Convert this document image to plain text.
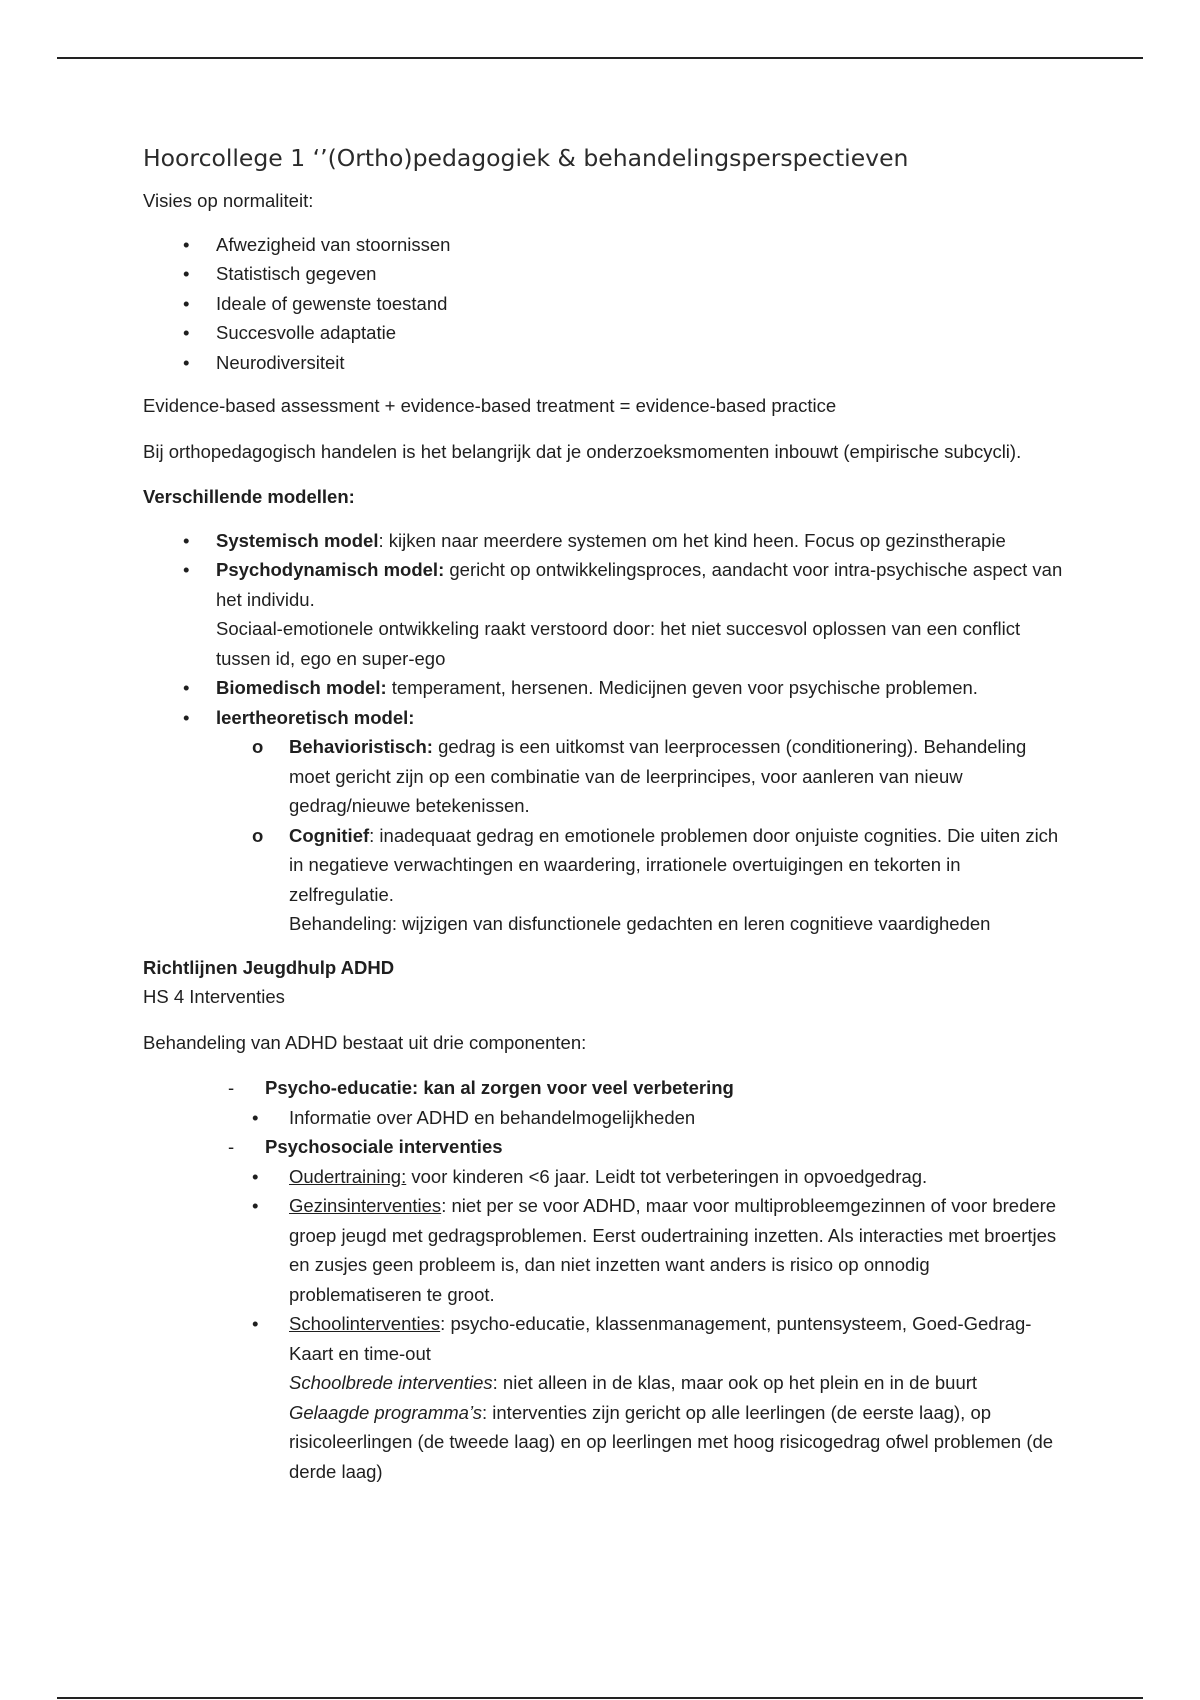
Hoorcollege 1 ‘’(Ortho)pedagogiek & behandelingsperspectieven

Visies op normaliteit:

• Afwezigheid van stoornissen
• Statistisch gegeven
• Ideale of gewenste toestand
• Succesvolle adaptatie
• Neurodiversiteit

Evidence-based assessment + evidence-based treatment = evidence-based practice

Bij orthopedagogisch handelen is het belangrijk dat je onderzoeksmomenten inbouwt (empirische subcycli).

Verschillende modellen:

• Systemisch model: kijken naar meerdere systemen om het kind heen. Focus op gezinstherapie
• Psychodynamisch model: gericht op ontwikkelingsproces, aandacht voor intra-psychische aspect van het individu.
Sociaal-emotionele ontwikkeling raakt verstoord door: het niet succesvol oplossen van een conflict tussen id, ego en super-ego
• Biomedisch model: temperament, hersenen. Medicijnen geven voor psychische problemen.
• leertheoretisch model:
o Behavioristisch: gedrag is een uitkomst van leerprocessen (conditionering). Behandeling moet gericht zijn op een combinatie van de leerprincipes, voor aanleren van nieuw gedrag/nieuwe betekenissen.
o Cognitief: inadequaat gedrag en emotionele problemen door onjuiste cognities. Die uiten zich in negatieve verwachtingen en waardering, irrationele overtuigingen en tekorten in zelfregulatie.
Behandeling: wijzigen van disfunctionele gedachten en leren cognitieve vaardigheden

Richtlijnen Jeugdhulp ADHD
HS 4 Interventies

Behandeling van ADHD bestaat uit drie componenten:

- Psycho-educatie: kan al zorgen voor veel verbetering
• Informatie over ADHD en behandelmogelijkheden
- Psychosociale interventies
• Oudertraining: voor kinderen <6 jaar. Leidt tot verbeteringen in opvoedgedrag.
• Gezinsinterventies: niet per se voor ADHD, maar voor multiprobleemgezinnen of voor bredere groep jeugd met gedragsproblemen. Eerst oudertraining inzetten. Als interacties met broertjes en zusjes geen probleem is, dan niet inzetten want anders is risico op onnodig problematiseren te groot.
• Schoolinterventies: psycho-educatie, klassenmanagement, puntensysteem, Goed-Gedrag-Kaart en time-out
Schoolbrede interventies: niet alleen in de klas, maar ook op het plein en in de buurt
Gelaagde programma’s: interventies zijn gericht op alle leerlingen (de eerste laag), op risicoleerlingen (de tweede laag) en op leerlingen met hoog risicogedrag ofwel problemen (de derde laag)
